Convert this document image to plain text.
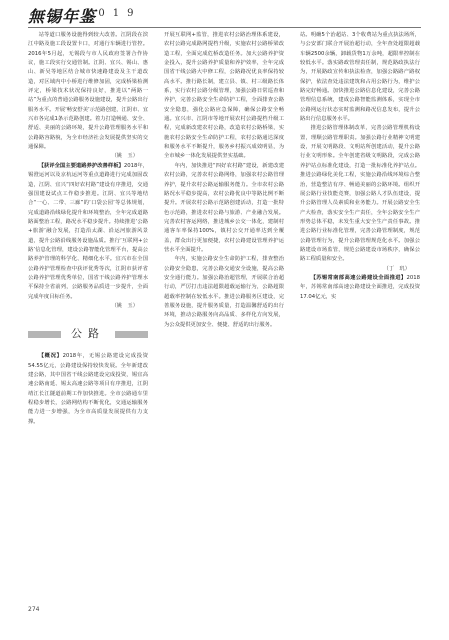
無锡年鉴
2019

站等道口服务设施得到较大改善。江阴段在滨江中路及施工段设置卡口，对通行车辆进行管控。2016年5月起，无锡段与市人民政府签署合作协议，施工段实行交通管制。江阴、宜兴、锡山、惠山、新吴等地区结合城市快速路建设及主干道改造，对区域内中小桥进行维修加固，完成桥梁检测评定，桥梁技术状况保持良好，推进以“两路一站”为重点的普通公路服务设施建设，提升公路出行服务水平。开展‘畅安舒美’示范路创建，江阴市、宜兴市各完成1条示范路创建。着力打造畅通、安全、舒适、美丽的公路环境，提升公路管理服务水平和公路路容路貌，为全市经济社会发展提供坚实的交通保障。

（姚　玉）

【获评全国主要道路养护改善样板】2018年，锡澄运河以及京杭运河等重点道路进行完成加固改造，江阴、宜兴“四好农村路”建设有序推进，交通强国建设试点工作稳步推进。江阴、宜兴等地结合“一心、二带、三廊”的‘口袋公园’等总体规划，完成道路沿线绿化提升和环境整治，全年完成道路路面整治工程，路况水平稳步提升。持续推进‘公路+旅游’融合发展，打造沿太湖、沿运河旅游风景道，提升公路沿线服务设施品质。推行‘互联网+公路’信息化管理，建设公路智能化管理平台，提高公路养护管理的科学化、精细化水平。宜兴市在全国公路养护管理检查中获评优秀等次，江阴市获评省公路养护管理优秀单位，国省干线公路养护管理水平保持全省前列，公路服务品质进一步提升，全面完成年度目标任务。

（姚　玉）

公路

【概况】2018年，无锡公路建设完成投资54.55亿元，公路建设保持较快发展。全年新建改建公路，其中国省干线公路建设完成投资，锡宜高速公路南延、锡太高速公路等项目有序推进，江阴靖江长江隧道前期工作加快推进。全市公路通车里程稳步增长，公路网结构不断优化，交通运输服务能力进一步增强，为全市高质量发展提供有力支撑。

开展互联网+监管，推进农村公路治理体系建设，农村公路完成路网提档升级，实施农村公路桥梁改造工程，全面完成危桥改造任务。加大公路养护资金投入，提升公路养护质量和养护效率，全年完成国省干线公路大中修工程，公路路况优良率保持较高水平。推行路长制，建立县、镇、村三级路长体系，实行农村公路分级管理，加强公路日常巡查和养护，完善公路安全生命防护工程，全面排查公路安全隐患，强化公路应急保障，确保公路安全畅通。宜兴市、江阴市等地开展农村公路提档升级工程，完成新改建农村公路，改造农村公路桥梁，实施农村公路安全生命防护工程，农村公路通达深度和服务水平不断提升，服务乡村振兴成效明显，为全市城乡一体化发展提供坚实基础。

年内，加快推进“四好农村路”建设，新建改建农村公路，完善农村公路网络，加强农村公路管理养护，提升农村公路运输服务能力。全市农村公路路况水平稳步提高，农村公路优良中等路比例不断提升。开展农村公路示范路创建活动，打造一批特色示范路，推进农村公路与旅游、产业融合发展。完善农村客运网络，推进城乡公交一体化，建制村通客车率保持100%，镇村公交开通率达到全覆盖，群众出行更加便捷，农村公路建设管理养护运营水平全面提升。

年内，实施公路安全生命防护工程，排查整治公路安全隐患，完善公路交通安全设施，提高公路安全通行能力。加强公路治超管理，开展联合治超行动，严厉打击违法超限超载运输行为，公路超限超载率控制在较低水平。推进公路服务区建设，完善服务设施，提升服务质量，打造温馨舒适的出行环境，推动公路服务向高品质、多样化方向发展，为公众提供更加安全、便捷、舒适的出行服务。

站。明确5个治超站、3个收费站为重点执法场所，与公安部门联合开展治超行动，全年查处超限超载车辆2500余辆，卸载货物1万余吨，超限率控制在较低水平。落实路政管理责任制，规范路政执法行为，开展路政宣传和执法检查，加强公路路产路权保护，依法查处违法建筑和占用公路行为，维护公路完好畅通。加快推进公路信息化建设，完善公路管理信息系统，建成公路智能监测体系，实现全市公路网运行状态实时监测和路况信息发布，提升公路出行信息服务水平。

推进公路管理体制改革，完善公路管理机构设置，理顺公路管理职责。加强公路行业精神文明建设，开展文明路段、文明站所创建活动，提升公路行业文明形象。全年创建省级文明路段，完成公路养护站点标准化建设，打造一批标准化养护站点。推进公路绿化美化工程，实施公路沿线环境综合整治，营造整洁有序、畅通美丽的公路环境。组织开展公路行业技能竞赛，加强公路人才队伍建设，提升公路管理人员素质和业务能力。开展公路安全生产大检查，落实安全生产责任，全年公路安全生产形势总体平稳，未发生重大安全生产责任事故。推进公路行业标准化管理，完善公路管理制度，规范公路管理行为，提升公路管理规范化水平。加强公路建设市场监管，规范公路建设市场秩序，确保公路工程质量和安全。

（丁　玑）

【苏锡常南部高速公路建设全面推进】2018年，苏锡常南部高速公路建设全面推进，完成投资17.04亿元，实

274
